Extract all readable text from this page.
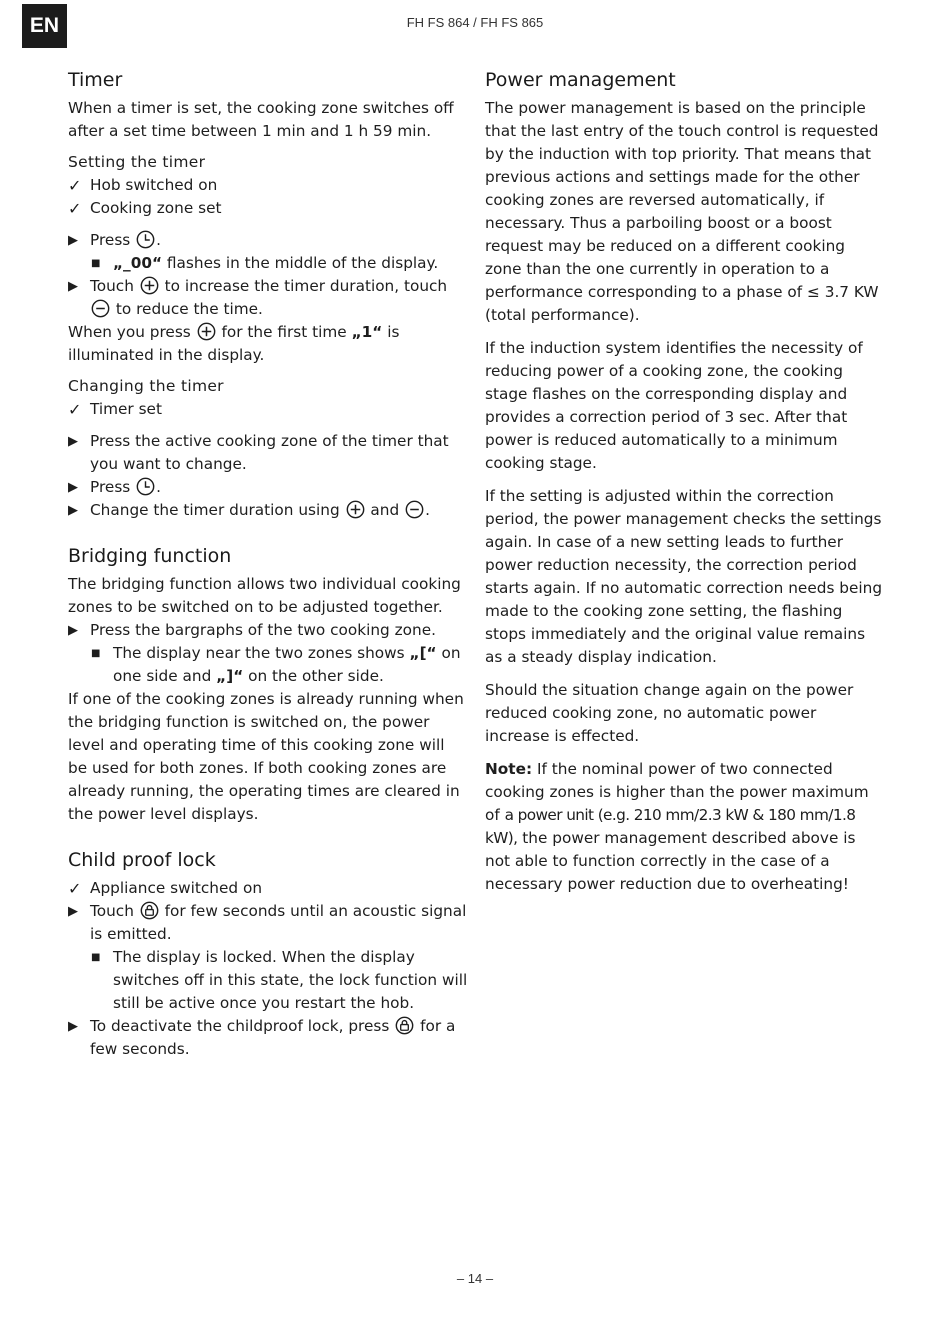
EN	FH FS 864 / FH FS 865
Timer

When a timer is set, the cooking zone switches off after a set time between 1 min and 1 h 59 min.

Setting the timer
✓ Hob switched on
✓ Cooking zone set
▶ Press .
■ „_00“ flashes in the middle of the display.
▶ Touch
to increase the timer duration, touch
to reduce the time.

When you press
for the first time „1“ is illuminated in the display.

Changing the timer
✓ Timer set
▶ Press the active cooking zone of the timer that you want to change.
▶ Press .
▶ Change the timer duration using
and .
Bridging function

The bridging function allows two individual cooking zones to be switched on to be adjusted together.

▶ Press the bargraphs of the two cooking zone.
■ The display near the two zones shows „[“ on one side and „]“ on the other side.

If one of the cooking zones is already running when the bridging function is switched on, the power level and operating time of this cooking zone will be used for both zones. If both cooking zones are already running, the operating times are cleared in the power level displays.

Child proof lock
✓ Appliance switched on
▶ Touch
for few seconds until an acoustic signal is emitted.
■ The display is locked. When the display switches off in this state, the lock function will still be active once you restart the hob.
▶ To deactivate the childproof lock, press
for a few seconds.
Power management

The power management is based on the principle that the last entry of the touch control is requested by the induction with top priority. That means that previous actions and settings made for the other cooking zones are reversed automatically, if necessary. Thus a parboiling boost or a boost request may be reduced on a different cooking zone than the one currently in operation to a performance corresponding to a phase of ≤ 3.7 KW (total performance).

If the induction system identifies the necessity of reducing power of a cooking zone, the cooking stage flashes on the corresponding display and provides a correction period of 3 sec. After that power is reduced automatically to a minimum cooking stage.

If the setting is adjusted within the correction period, the power management checks the settings again. In case of a new setting leads to further power reduction necessity, the correction period starts again. If no automatic correction needs being made to the cooking zone setting, the flashing stops immediately and the original value remains as a steady display indication.

Should the situation change again on the power reduced cooking zone, no automatic power increase is effected.

Note: If the nominal power of two connected cooking zones is higher than the power maximum of a power unit (e.g. 210 mm/2.3 kW & 180 mm/1.8 kW), the power management described above is not able to function correctly in the case of a necessary power reduction due to overheating!

– 14 –
